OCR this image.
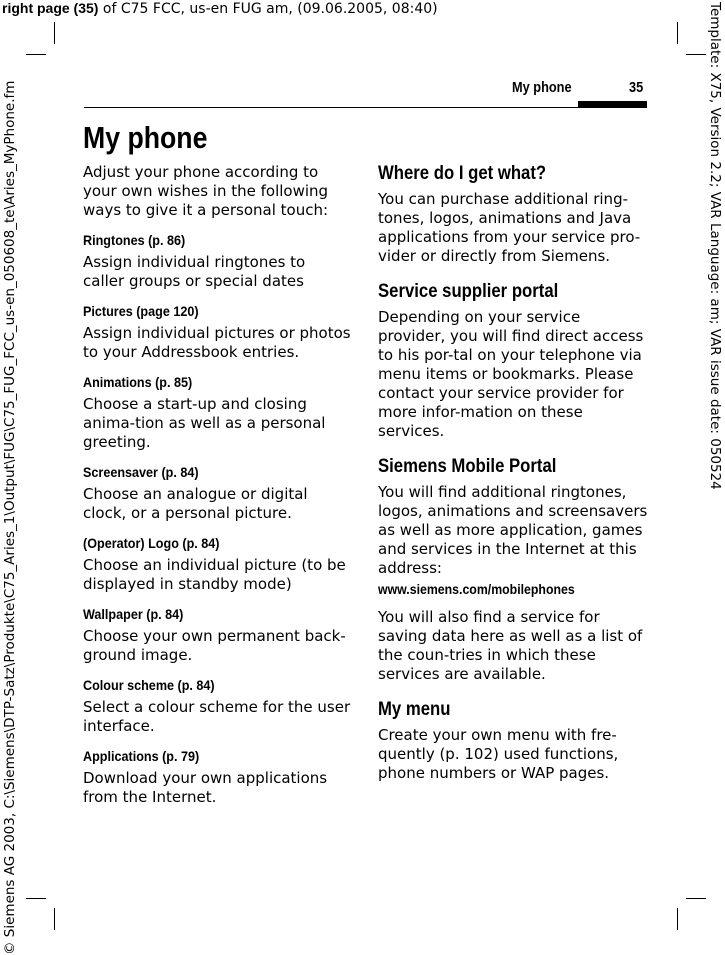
right page (35) of C75 FCC, us-en FUG am, (09.06.2005, 08:40)
© Siemens AG 2003, C:\Siemens\DTP-Satz\Produkte\C75_Aries_1\Output\FUG\C75_FUG_FCC_us-en_050608_te\Aries_MyPhone.fm	Template: X75, Version 2.2; VAR Language: am; VAR issue date: 050524
My phone	35
My phone

Adjust your phone according to your own wishes in the following ways to give it a personal touch:

Ringtones (p. 86)

Assign individual ringtones to caller groups or special dates

Pictures (page 120)

Assign individual pictures or photos to your Addressbook entries.

Animations (p. 85)

Choose a start-up and closing anima-tion as well as a personal greeting.

Screensaver (p. 84)

Choose an analogue or digital clock, or a personal picture.

(Operator) Logo (p. 84)

Choose an individual picture (to be displayed in standby mode)

Wallpaper (p. 84)

Choose your own permanent back-ground image.

Colour scheme (p. 84)

Select a colour scheme for the user interface.

Applications (p. 79)

Download your own applications from the Internet.

Where do I get what?

You can purchase additional ring-tones, logos, animations and Java applications from your service pro-vider or directly from Siemens.

Service supplier portal

Depending on your service provider, you will find direct access to his por-tal on your telephone via menu items or bookmarks. Please contact your service provider for more infor-mation on these services.

Siemens Mobile Portal

You will find additional ringtones, logos, animations and screensavers as well as more application, games and services in the Internet at this address:

www.siemens.com/mobilephones

You will also find a service for saving data here as well as a list of the coun-tries in which these services are available.

My menu

Create your own menu with fre-quently (p. 102) used functions, phone numbers or WAP pages.
